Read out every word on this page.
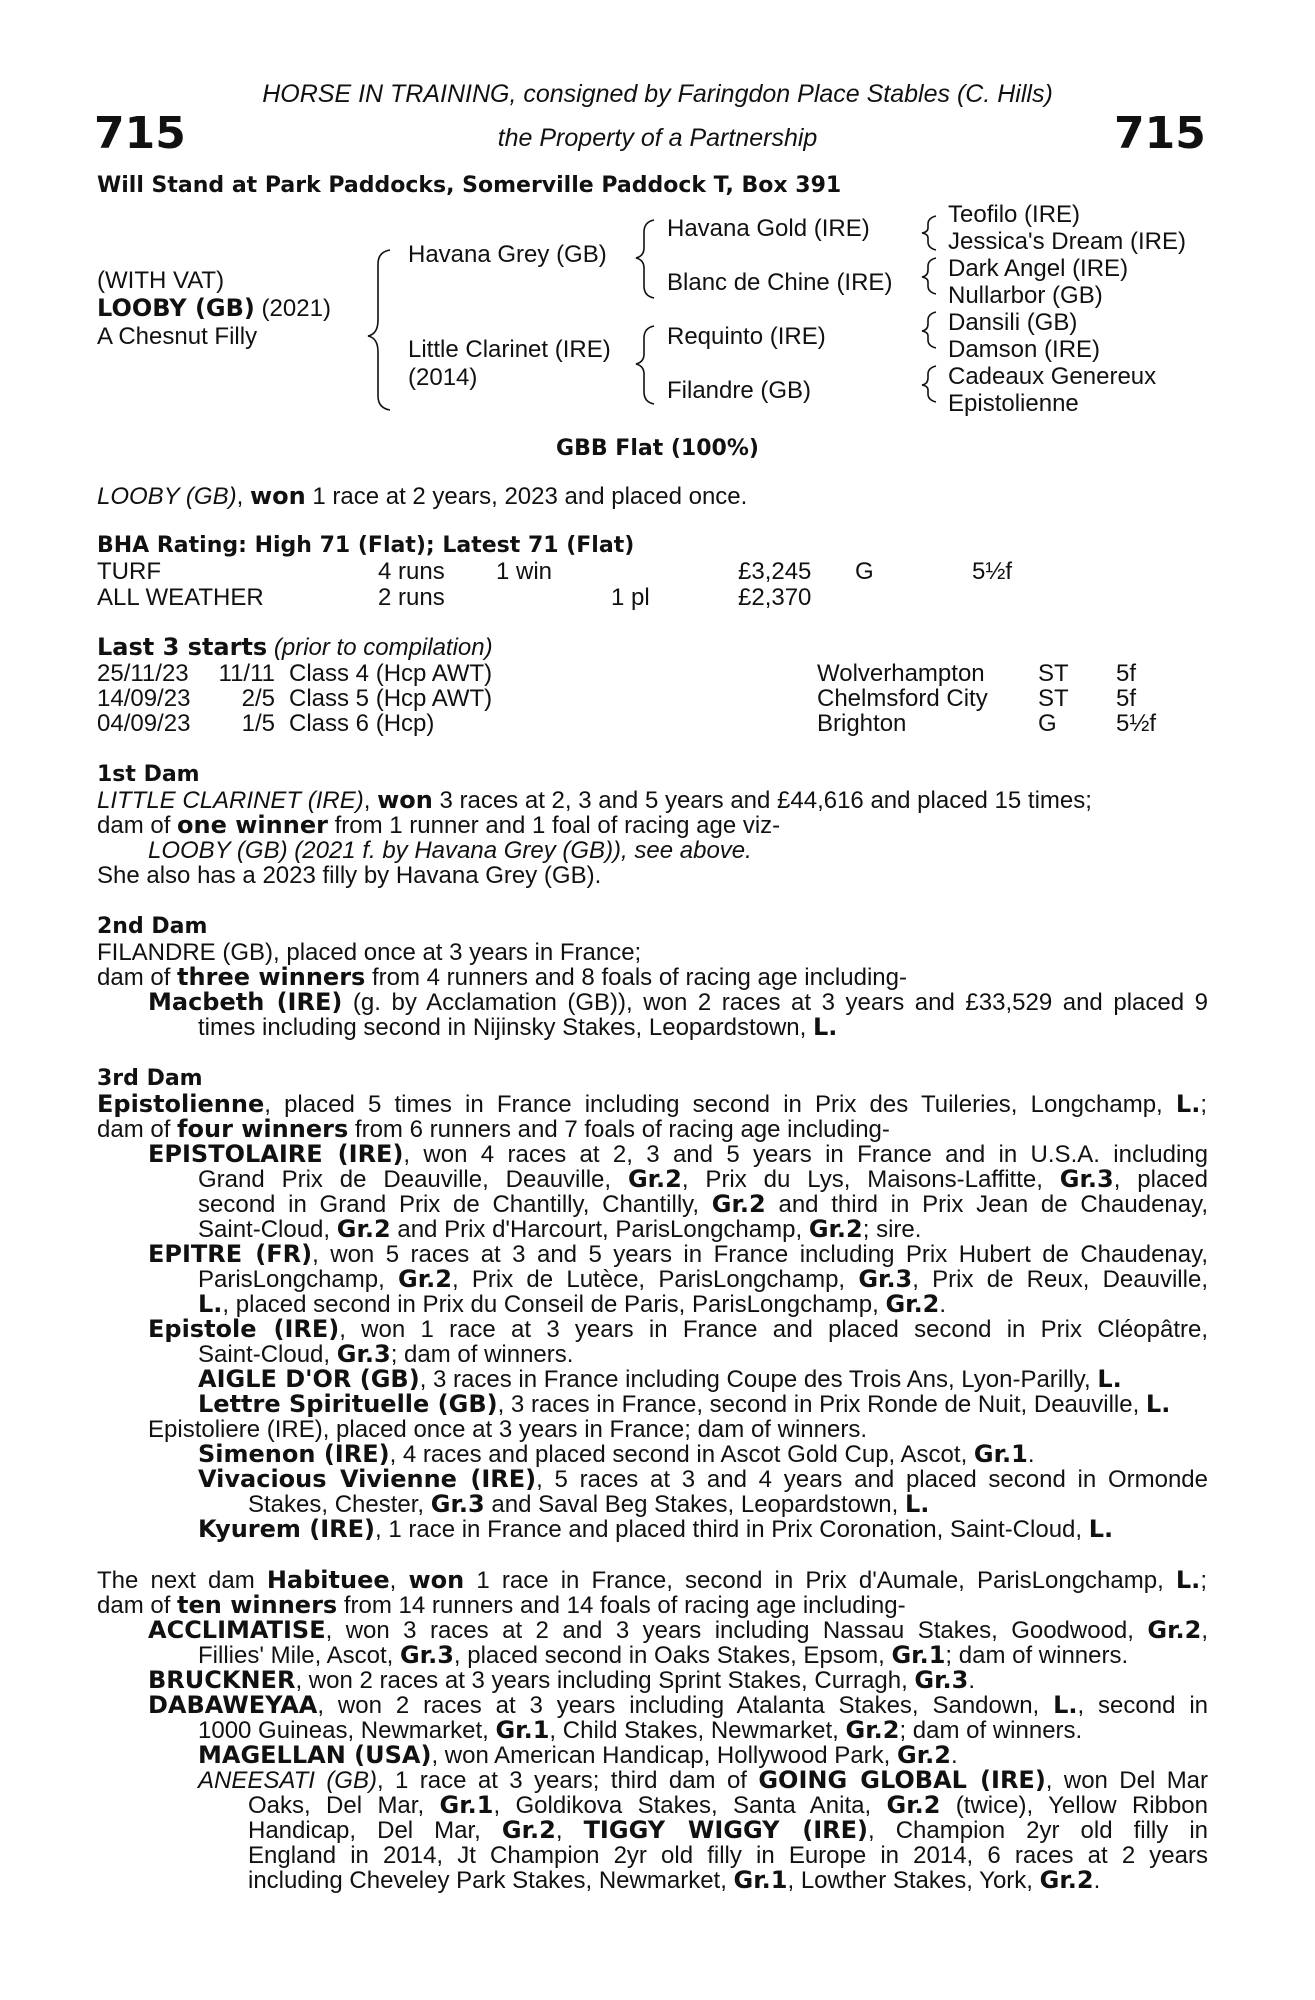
HORSE IN TRAINING, consigned by Faringdon Place Stables (C. Hills)
the Property of a Partnership
715	715
Will Stand at Park Paddocks, Somerville Paddock T, Box 391
(WITH VAT)
LOOBY (GB) (2021)
A Chesnut Filly
Havana Grey (GB)
Little Clarinet (IRE)
(2014)
Havana Gold (IRE)
Blanc de Chine (IRE)
Requinto (IRE)
Filandre (GB)
Teofilo (IRE)
Jessica's Dream (IRE)
Dark Angel (IRE)
Nullarbor (GB)
Dansili (GB)
Damson (IRE)
Cadeaux Genereux
Epistolienne
GBB Flat (100%)
LOOBY (GB), won 1 race at 2 years, 2023 and placed once.
BHA Rating: High 71 (Flat); Latest 71 (Flat)
TURF	4 runs 1 win	£3,245 G	5½f
ALL WEATHER	2 runs	1 pl	£2,370
Last 3 starts (prior to compilation)
25/11/23	11/11 Class 4 (Hcp AWT)	Wolverhampton ST 5f
14/09/23	2/5 Class 5 (Hcp AWT)	Chelmsford City ST 5f
04/09/23	1/5 Class 6 (Hcp)	Brighton	G 5½f
1st Dam
LITTLE CLARINET (IRE), won 3 races at 2, 3 and 5 years and £44,616 and placed 15 times;
dam of one winner from 1 runner and 1 foal of racing age viz-
LOOBY (GB) (2021 f. by Havana Grey (GB)), see above.
She also has a 2023 filly by Havana Grey (GB).
2nd Dam
FILANDRE (GB), placed once at 3 years in France;
dam of three winners from 4 runners and 8 foals of racing age including-
Macbeth (IRE) (g. by Acclamation (GB)), won 2 races at 3 years and £33,529 and placed 9
times including second in Nijinsky Stakes, Leopardstown, L.
3rd Dam
Epistolienne, placed 5 times in France including second in Prix des Tuileries, Longchamp, L.;
dam of four winners from 6 runners and 7 foals of racing age including-
EPISTOLAIRE (IRE), won 4 races at 2, 3 and 5 years in France and in U.S.A. including
Grand Prix de Deauville, Deauville, Gr.2, Prix du Lys, Maisons-Laffitte, Gr.3, placed
second in Grand Prix de Chantilly, Chantilly, Gr.2 and third in Prix Jean de Chaudenay,
Saint-Cloud, Gr.2 and Prix d'Harcourt, ParisLongchamp, Gr.2; sire.
EPITRE (FR), won 5 races at 3 and 5 years in France including Prix Hubert de Chaudenay,
ParisLongchamp, Gr.2, Prix de Lutèce, ParisLongchamp, Gr.3, Prix de Reux, Deauville,
L., placed second in Prix du Conseil de Paris, ParisLongchamp, Gr.2.
Epistole (IRE), won 1 race at 3 years in France and placed second in Prix Cléopâtre,
Saint-Cloud, Gr.3; dam of winners.
AIGLE D'OR (GB), 3 races in France including Coupe des Trois Ans, Lyon-Parilly, L.
Lettre Spirituelle (GB), 3 races in France, second in Prix Ronde de Nuit, Deauville, L.
Epistoliere (IRE), placed once at 3 years in France; dam of winners.
Simenon (IRE), 4 races and placed second in Ascot Gold Cup, Ascot, Gr.1.
Vivacious Vivienne (IRE), 5 races at 3 and 4 years and placed second in Ormonde
Stakes, Chester, Gr.3 and Saval Beg Stakes, Leopardstown, L.
Kyurem (IRE), 1 race in France and placed third in Prix Coronation, Saint-Cloud, L.
The next dam Habituee, won 1 race in France, second in Prix d'Aumale, ParisLongchamp, L.;
dam of ten winners from 14 runners and 14 foals of racing age including-
ACCLIMATISE, won 3 races at 2 and 3 years including Nassau Stakes, Goodwood, Gr.2,
Fillies' Mile, Ascot, Gr.3, placed second in Oaks Stakes, Epsom, Gr.1; dam of winners.
BRUCKNER, won 2 races at 3 years including Sprint Stakes, Curragh, Gr.3.
DABAWEYAA, won 2 races at 3 years including Atalanta Stakes, Sandown, L., second in
1000 Guineas, Newmarket, Gr.1, Child Stakes, Newmarket, Gr.2; dam of winners.
MAGELLAN (USA), won American Handicap, Hollywood Park, Gr.2.
ANEESATI (GB), 1 race at 3 years; third dam of GOING GLOBAL (IRE), won Del Mar
Oaks, Del Mar, Gr.1, Goldikova Stakes, Santa Anita, Gr.2 (twice), Yellow Ribbon
Handicap, Del Mar, Gr.2, TIGGY WIGGY (IRE), Champion 2yr old filly in
England in 2014, Jt Champion 2yr old filly in Europe in 2014, 6 races at 2 years
including Cheveley Park Stakes, Newmarket, Gr.1, Lowther Stakes, York, Gr.2.
